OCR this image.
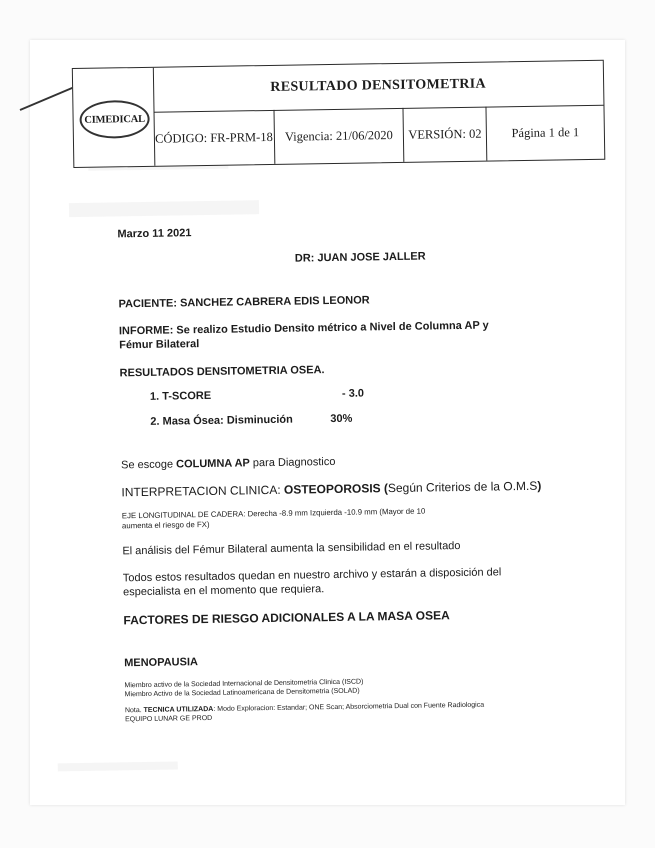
CIMEDICAL
RESULTADO DENSITOMETRIA
CÓDIGO: FR-PRM-18 Vigencia: 21/06/2020	VERSIÓN: 02	Página 1 de 1
Marzo 11 2021
DR: JUAN JOSE JALLER
PACIENTE: SANCHEZ CABRERA EDIS LEONOR
INFORME: Se realizo Estudio Densito métrico a Nivel de Columna AP y
Fémur Bilateral
RESULTADOS DENSITOMETRIA OSEA.
1. T-SCORE	- 3.0
2. Masa Ósea: Disminución	30%
Se escoge COLUMNA AP para Diagnostico
INTERPRETACION CLINICA: OSTEOPOROSIS (Según Criterios de la O.M.S)
EJE LONGITUDINAL DE CADERA: Derecha -8.9 mm Izquierda -10.9 mm (Mayor de 10
aumenta el riesgo de FX)
El análisis del Fémur Bilateral aumenta la sensibilidad en el resultado
Todos estos resultados quedan en nuestro archivo y estarán a disposición del
especialista en el momento que requiera.
FACTORES DE RIESGO ADICIONALES A LA MASA OSEA
MENOPAUSIA
Miembro activo de la Sociedad Internacional de Densitometria Clinica (ISCD)
Miembro Activo de la Sociedad Latinoamericana de Densitometria (SOLAD)
Nota. TECNICA UTILIZADA: Modo Exploracion: Estandar; ONE Scan; Absorciometria Dual con Fuente Radiologica
EQUIPO LUNAR GE PROD
